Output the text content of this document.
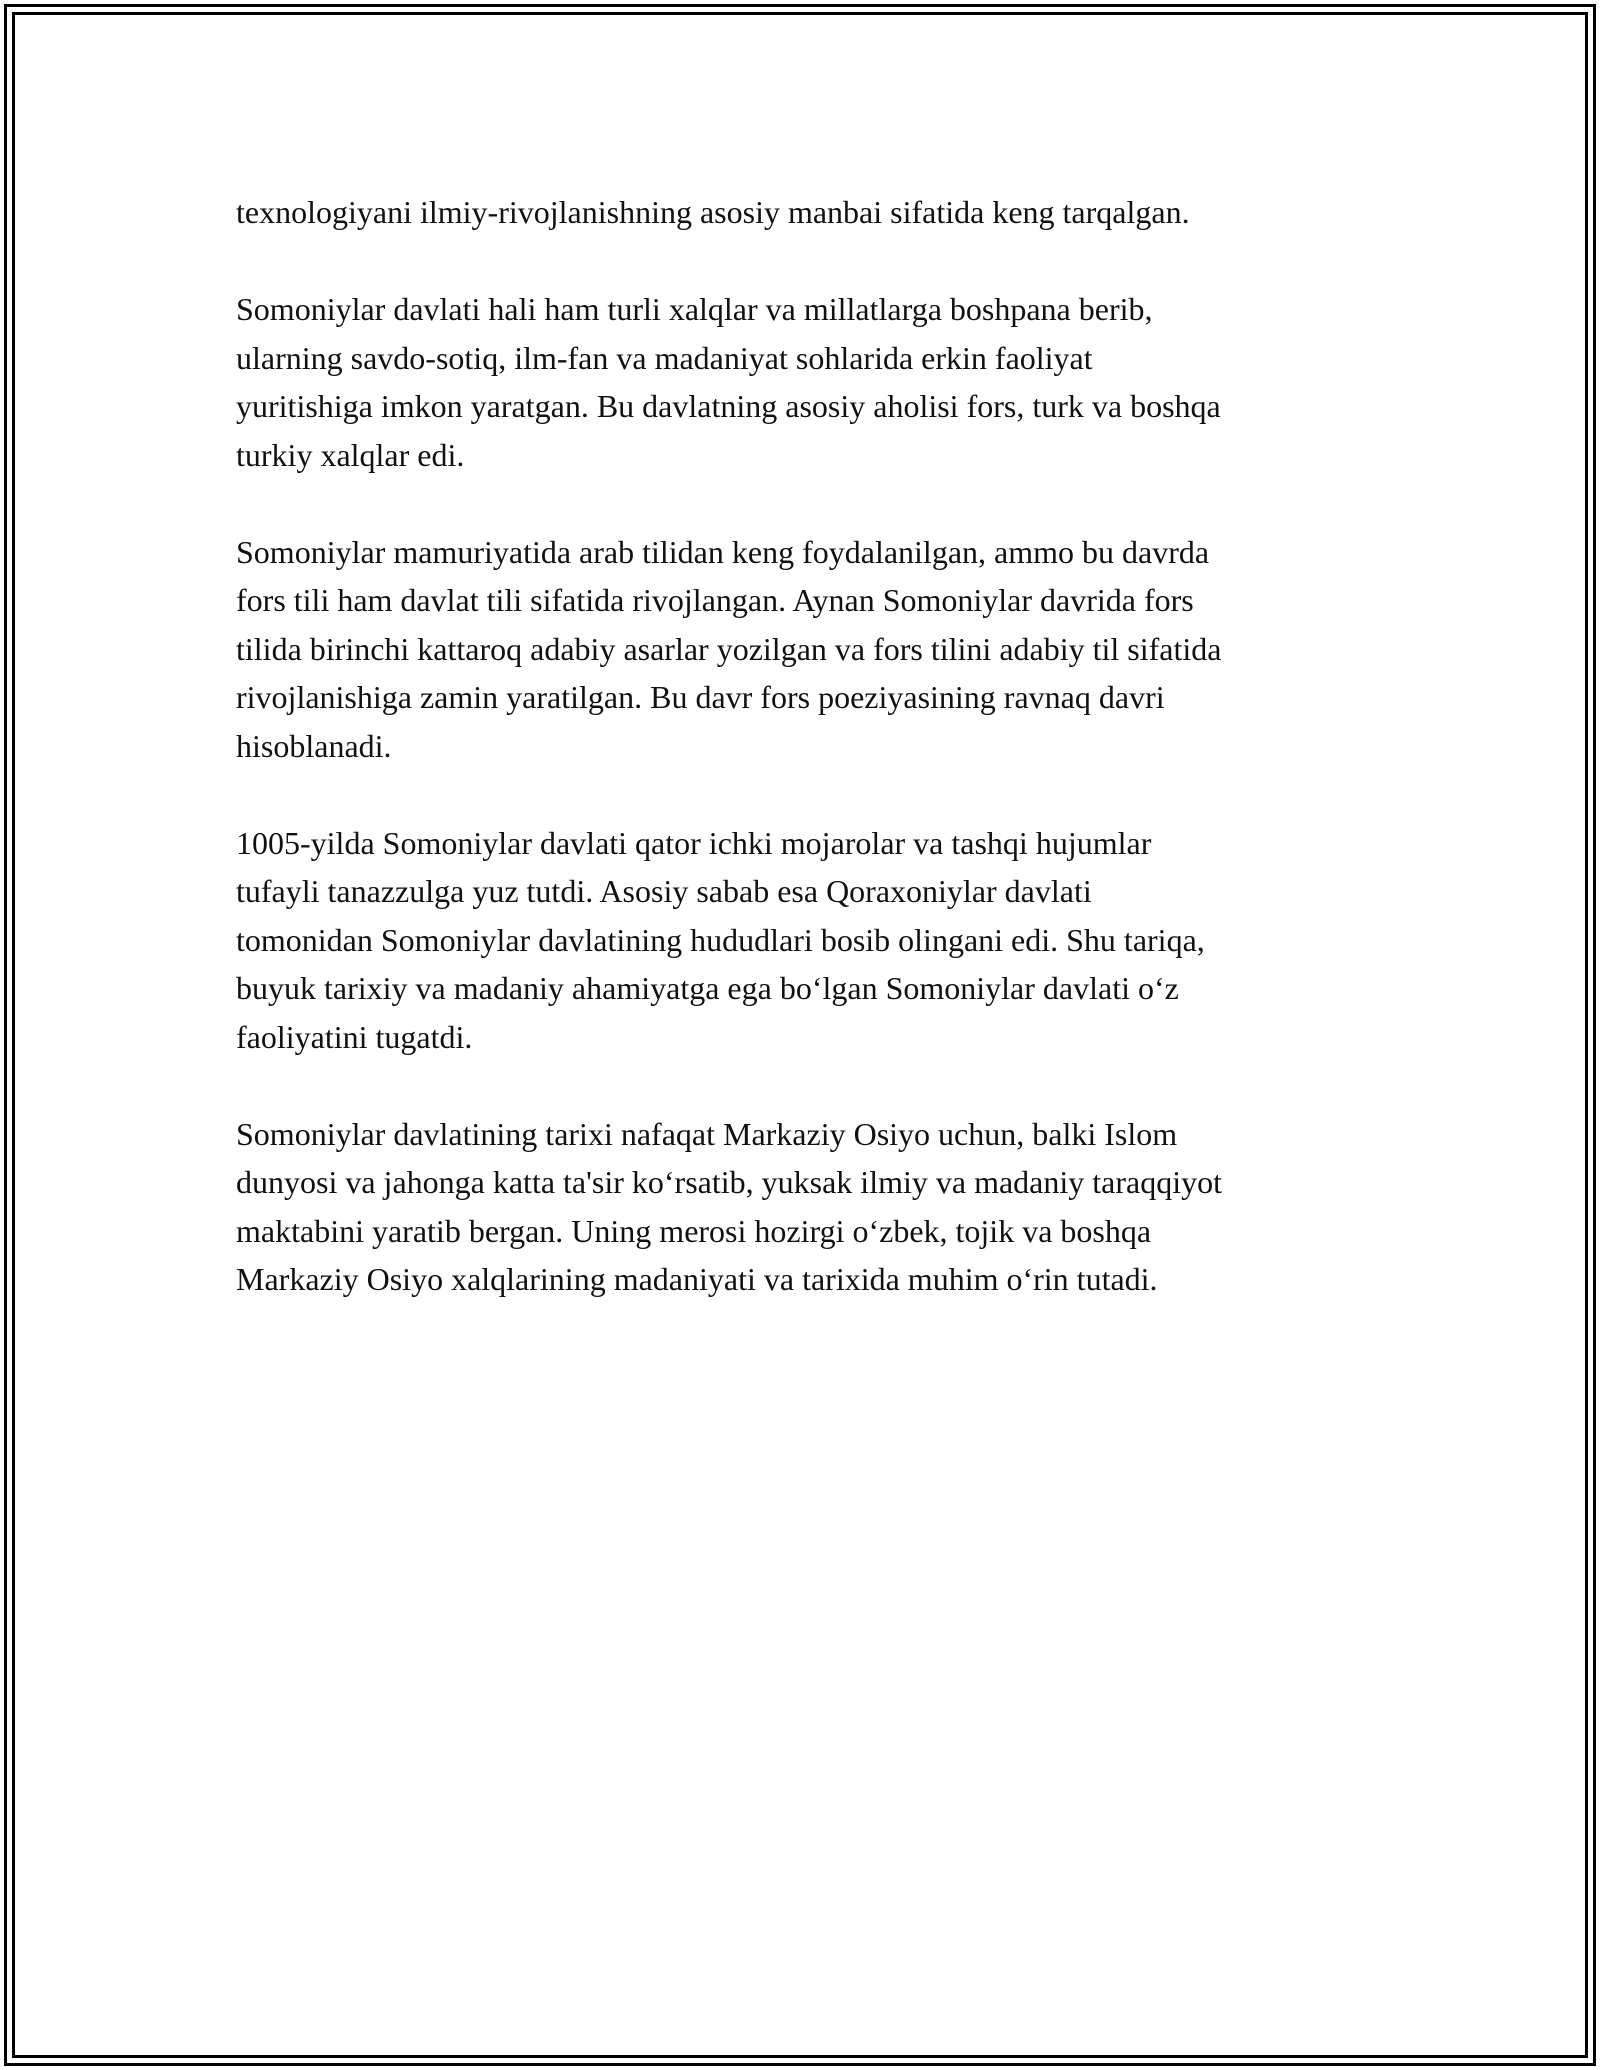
texnologiyani ilmiy-rivojlanishning asosiy manbai sifatida keng tarqalgan.

Somoniylar davlati hali ham turli xalqlar va millatlarga boshpana berib,
ularning savdo-sotiq, ilm-fan va madaniyat sohlarida erkin faoliyat
yuritishiga imkon yaratgan. Bu davlatning asosiy aholisi fors, turk va boshqa
turkiy xalqlar edi.

Somoniylar mamuriyatida arab tilidan keng foydalanilgan, ammo bu davrda
fors tili ham davlat tili sifatida rivojlangan. Aynan Somoniylar davrida fors
tilida birinchi kattaroq adabiy asarlar yozilgan va fors tilini adabiy til sifatida
rivojlanishiga zamin yaratilgan. Bu davr fors poeziyasining ravnaq davri
hisoblanadi.

1005-yilda Somoniylar davlati qator ichki mojarolar va tashqi hujumlar
tufayli tanazzulga yuz tutdi. Asosiy sabab esa Qoraxoniylar davlati
tomonidan Somoniylar davlatining hududlari bosib olingani edi. Shu tariqa,
buyuk tarixiy va madaniy ahamiyatga ega bo‘lgan Somoniylar davlati o‘z
faoliyatini tugatdi.

Somoniylar davlatining tarixi nafaqat Markaziy Osiyo uchun, balki Islom
dunyosi va jahonga katta ta'sir ko‘rsatib, yuksak ilmiy va madaniy taraqqiyot
maktabini yaratib bergan. Uning merosi hozirgi o‘zbek, tojik va boshqa
Markaziy Osiyo xalqlarining madaniyati va tarixida muhim o‘rin tutadi.
